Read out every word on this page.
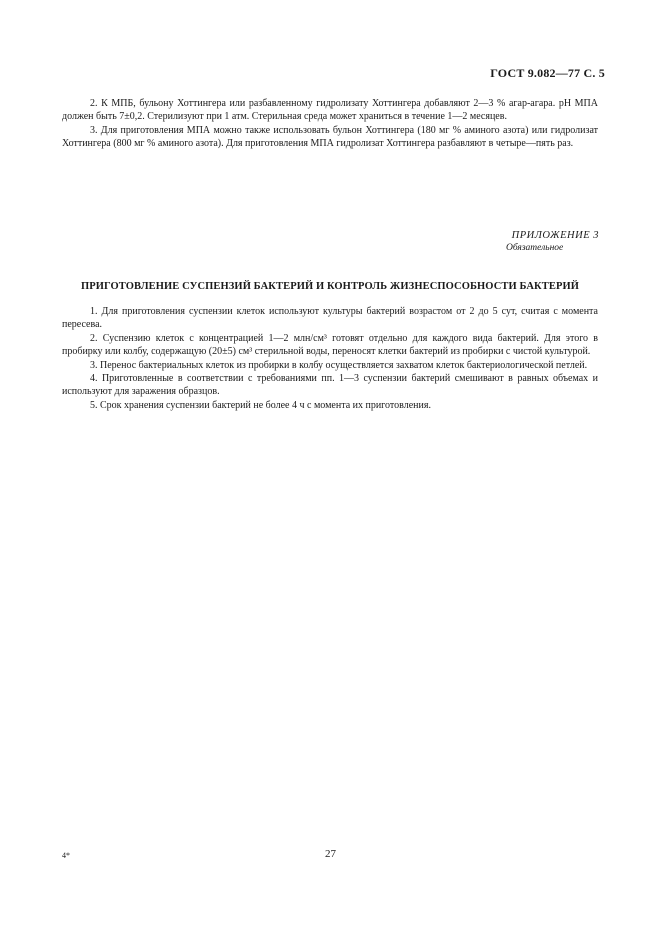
ГОСТ 9.082—77 С. 5

2. К МПБ, бульону Хоттингера или разбавленному гидролизату Хоттингера добавляют 2—3 % агар-агара. pH МПА должен быть 7±0,2. Стерилизуют при 1 атм. Стерильная среда может храниться в течение 1—2 месяцев.

3. Для приготовления МПА можно также использовать бульон Хоттингера (180 мг % аминого азота) или гидролизат Хоттингера (800 мг % аминого азота). Для приготовления МПА гидролизат Хоттингера разбавляют в четыре—пять раз.

ПРИЛОЖЕНИЕ 3
Обязательное
ПРИГОТОВЛЕНИЕ СУСПЕНЗИЙ БАКТЕРИЙ И КОНТРОЛЬ ЖИЗНЕСПОСОБНОСТИ БАКТЕРИЙ

1. Для приготовления суспензии клеток используют культуры бактерий возрастом от 2 до 5 сут, считая с момента пересева.

2. Суспензию клеток с концентрацией 1—2 млн/см³ готовят отдельно для каждого вида бактерий. Для этого в пробирку или колбу, содержащую (20±5) см³ стерильной воды, переносят клетки бактерий из пробирки с чистой культурой.

3. Перенос бактериальных клеток из пробирки в колбу осуществляется захватом клеток бактериологической петлей.

4. Приготовленные в соответствии с требованиями пп. 1—3 суспензии бактерий смешивают в равных объемах и используют для заражения образцов.

5. Срок хранения суспензии бактерий не более 4 ч с момента их приготовления.

4*	27
